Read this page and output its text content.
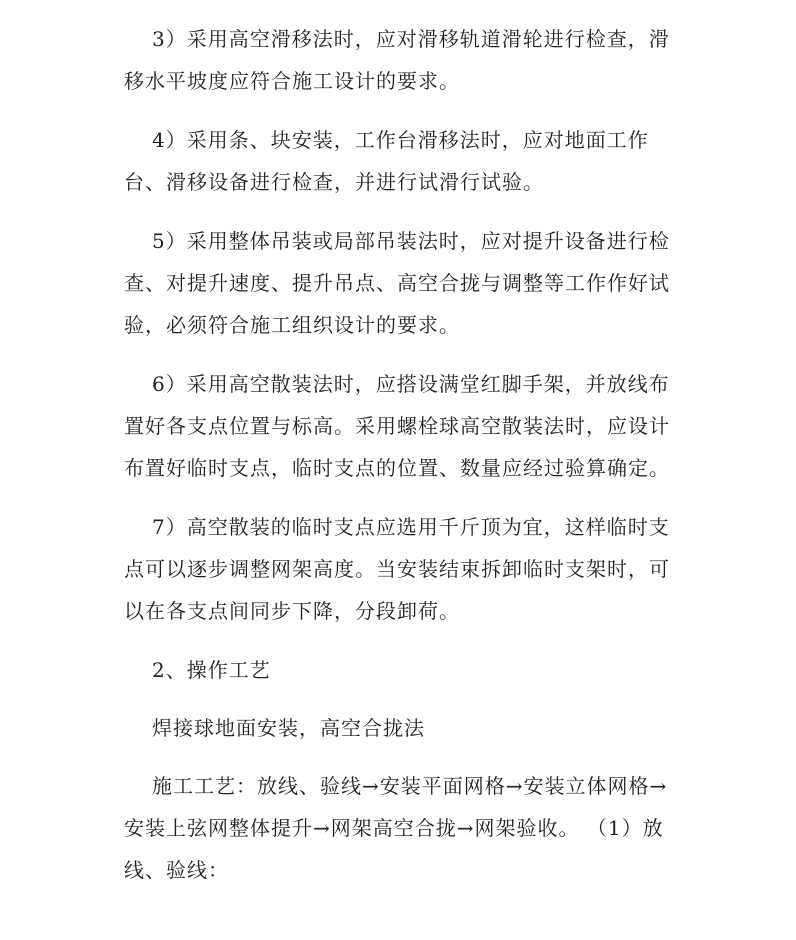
3）采用高空滑移法时，应对滑移轨道滑轮进行检查，滑移水平坡度应符合施工设计的要求。

4）采用条、块安装，工作台滑移法时，应对地面工作台、滑移设备进行检查，并进行试滑行试验。

5）采用整体吊装或局部吊装法时，应对提升设备进行检查、对提升速度、提升吊点、高空合拢与调整等工作作好试验，必须符合施工组织设计的要求。

6）采用高空散装法时，应搭设满堂红脚手架，并放线布置好各支点位置与标高。采用螺栓球高空散装法时，应设计布置好临时支点，临时支点的位置、数量应经过验算确定。

7）高空散装的临时支点应选用千斤顶为宜，这样临时支点可以逐步调整网架高度。当安装结束拆卸临时支架时，可以在各支点间同步下降，分段卸荷。

2、操作工艺

焊接球地面安装，高空合拢法

施工工艺：放线、验线→安装平面网格→安装立体网格→安装上弦网整体提升→网架高空合拢→网架验收。 （1）放线、验线：
